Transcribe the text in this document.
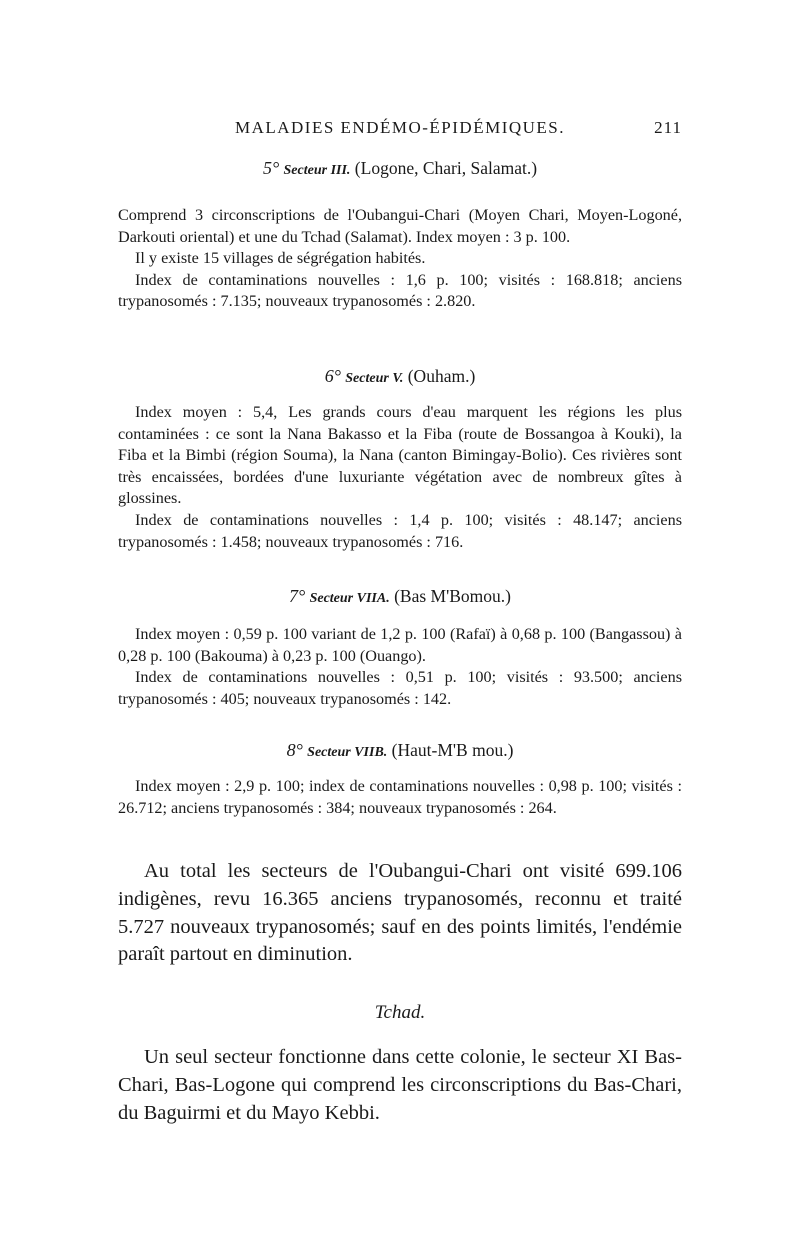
MALADIES ENDÉMO-ÉPIDÉMIQUES.	211
5° Secteur III. (Logone, Chari, Salamat.)

Comprend 3 circonscriptions de l'Oubangui-Chari (Moyen Chari, Moyen-Logoné, Darkouti oriental) et une du Tchad (Salamat). Index moyen : 3 p. 100.

Il y existe 15 villages de ségrégation habités.

Index de contaminations nouvelles : 1,6 p. 100; visités : 168.818; anciens trypanosomés : 7.135; nouveaux trypanosomés : 2.820.

6° Secteur V. (Ouham.)

Index moyen : 5,4, Les grands cours d'eau marquent les régions les plus contaminées : ce sont la Nana Bakasso et la Fiba (route de Bossangoa à Kouki), la Fiba et la Bimbi (région Souma), la Nana (canton Bimingay-Bolio). Ces rivières sont très encaissées, bordées d'une luxuriante végétation avec de nombreux gîtes à glossines.

Index de contaminations nouvelles : 1,4 p. 100; visités : 48.147; anciens trypanosomés : 1.458; nouveaux trypanosomés : 716.

7° Secteur VIIA. (Bas M'Bomou.)

Index moyen : 0,59 p. 100 variant de 1,2 p. 100 (Rafaï) à 0,68 p. 100 (Bangassou) à 0,28 p. 100 (Bakouma) à 0,23 p. 100 (Ouango).

Index de contaminations nouvelles : 0,51 p. 100; visités : 93.500; anciens trypanosomés : 405; nouveaux trypanosomés : 142.

8° Secteur VIIB. (Haut-M'B mou.)

Index moyen : 2,9 p. 100; index de contaminations nouvelles : 0,98 p. 100; visités : 26.712; anciens trypanosomés : 384; nouveaux trypanosomés : 264.

Au total les secteurs de l'Oubangui-Chari ont visité 699.106 indigènes, revu 16.365 anciens trypanosomés, reconnu et traité 5.727 nouveaux trypanosomés; sauf en des points limités, l'endémie paraît partout en diminution.

Tchad.

Un seul secteur fonctionne dans cette colonie, le secteur XI Bas-Chari, Bas-Logone qui comprend les circonscriptions du Bas-Chari, du Baguirmi et du Mayo Kebbi.
